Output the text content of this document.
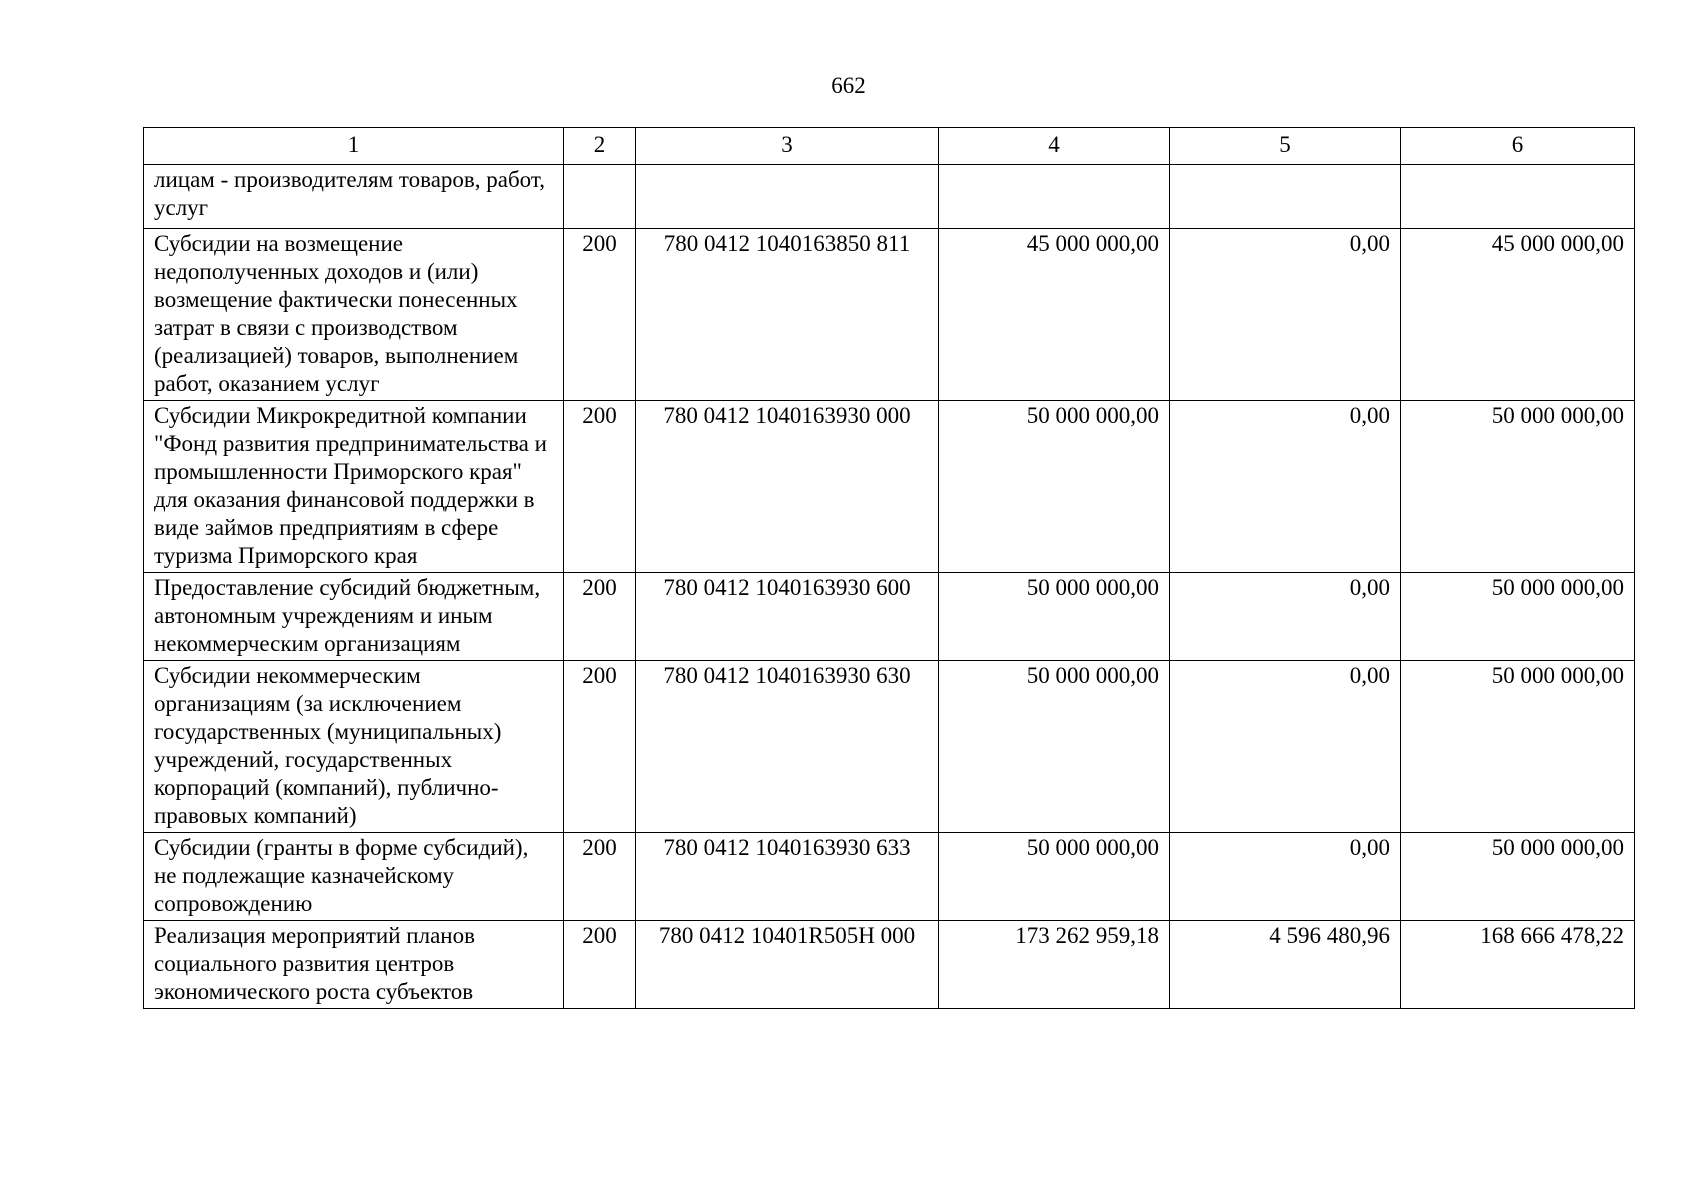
662
1	2	3	4	5	6
лицам - производителям товаров, работ, услуг					
Субсидии на возмещение недополученных доходов и (или) возмещение фактически понесенных затрат в связи с производством (реализацией) товаров, выполнением работ, оказанием услуг	200	780 0412 1040163850 811	45 000 000,00	0,00	45 000 000,00
Субсидии Микрокредитной компании "Фонд развития предпринимательства и промышленности Приморского края" для оказания финансовой поддержки в виде займов предприятиям в сфере туризма Приморского края	200	780 0412 1040163930 000	50 000 000,00	0,00	50 000 000,00
Предоставление субсидий бюджетным, автономным учреждениям и иным некоммерческим организациям	200	780 0412 1040163930 600	50 000 000,00	0,00	50 000 000,00
Субсидии некоммерческим организациям (за исключением государственных (муниципальных) учреждений, государственных корпораций (компаний), публично-правовых компаний)	200	780 0412 1040163930 630	50 000 000,00	0,00	50 000 000,00
Субсидии (гранты в форме субсидий), не подлежащие казначейскому сопровождению	200	780 0412 1040163930 633	50 000 000,00	0,00	50 000 000,00
Реализация мероприятий планов социального развития центров экономического роста субъектов	200	780 0412 10401R505H 000	173 262 959,18	4 596 480,96	168 666 478,22
